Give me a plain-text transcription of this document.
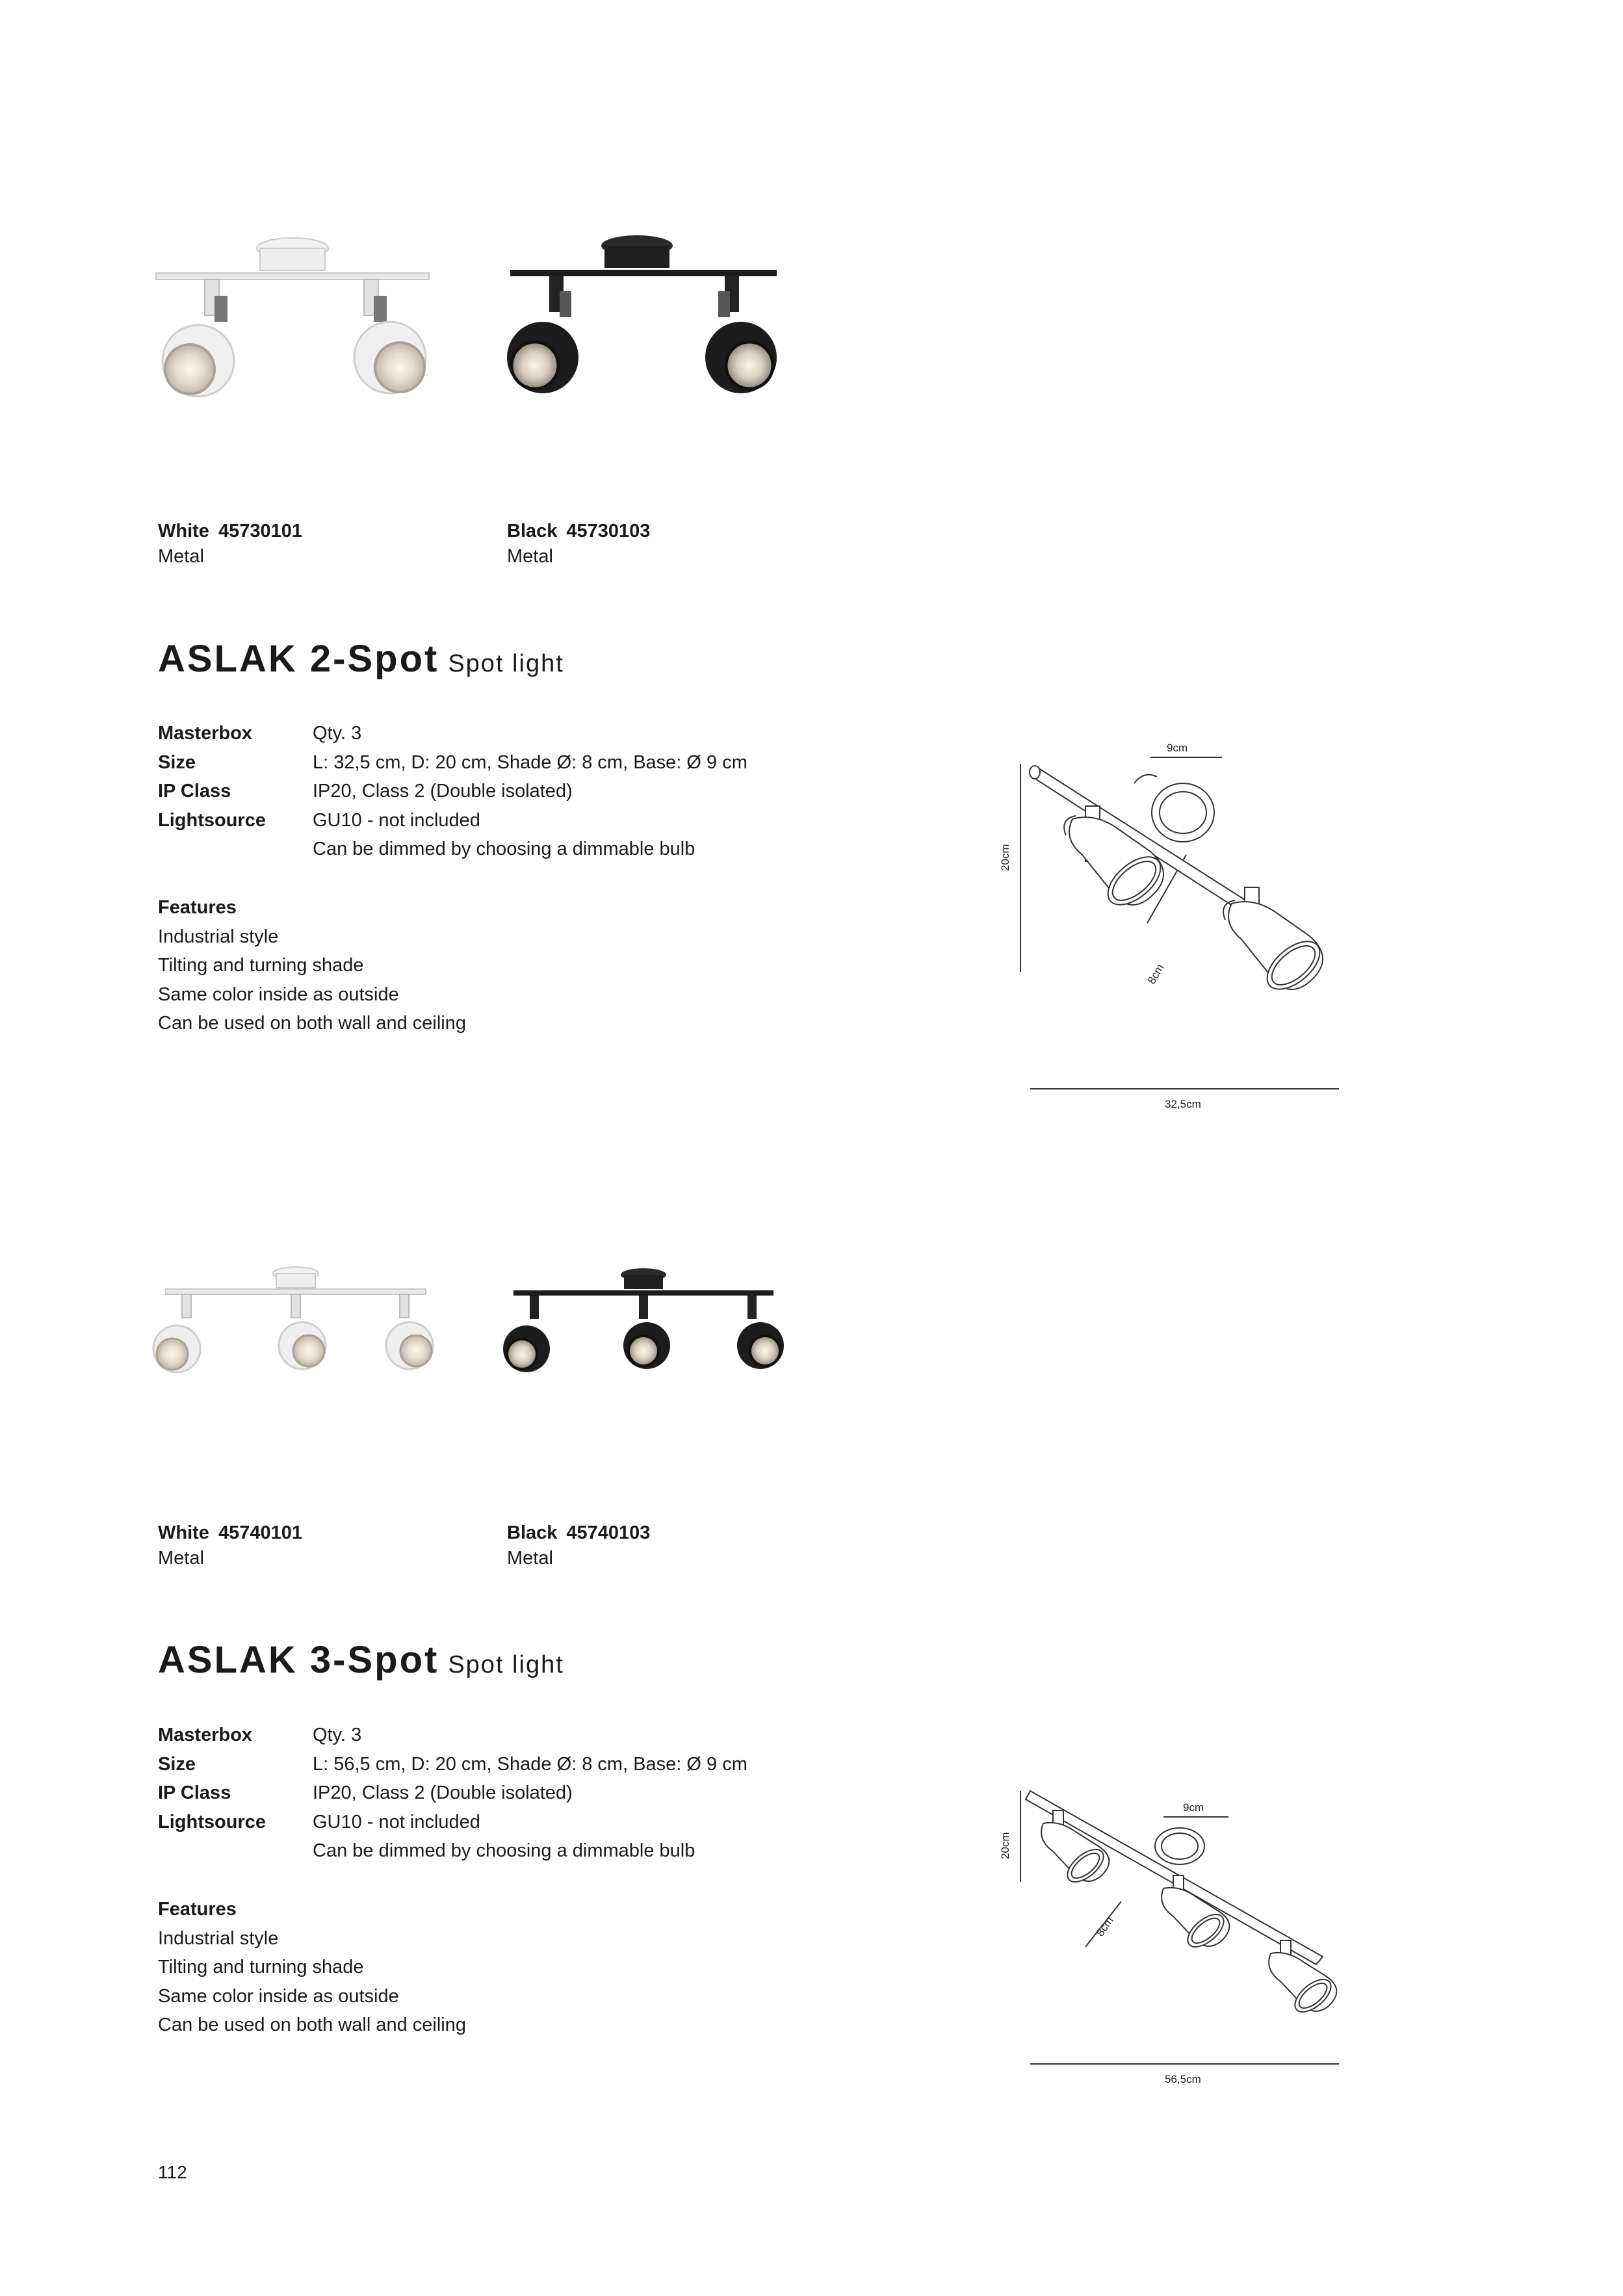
White 45730101
Metal
Black 45730103
Metal
ASLAK 2-Spot Spot light
Masterbox	Qty. 3
Size	L: 32,5 cm, D: 20 cm, Shade Ø: 8 cm, Base: Ø 9 cm
IP Class	IP20, Class 2 (Double isolated)
Lightsource	GU10 - not included
Can be dimmed by choosing a dimmable bulb
Features
Industrial style
Tilting and turning shade
Same color inside as outside
Can be used on both wall and ceiling
9cm
20cm
8cm
32,5cm
White 45740101
Metal
Black 45740103
Metal
ASLAK 3-Spot Spot light
Masterbox	Qty. 3
Size	L: 56,5 cm, D: 20 cm, Shade Ø: 8 cm, Base: Ø 9 cm
IP Class	IP20, Class 2 (Double isolated)
Lightsource	GU10 - not included
Can be dimmed by choosing a dimmable bulb
Features
Industrial style
Tilting and turning shade
Same color inside as outside
Can be used on both wall and ceiling
9cm
20cm
8cm
56,5cm
112
